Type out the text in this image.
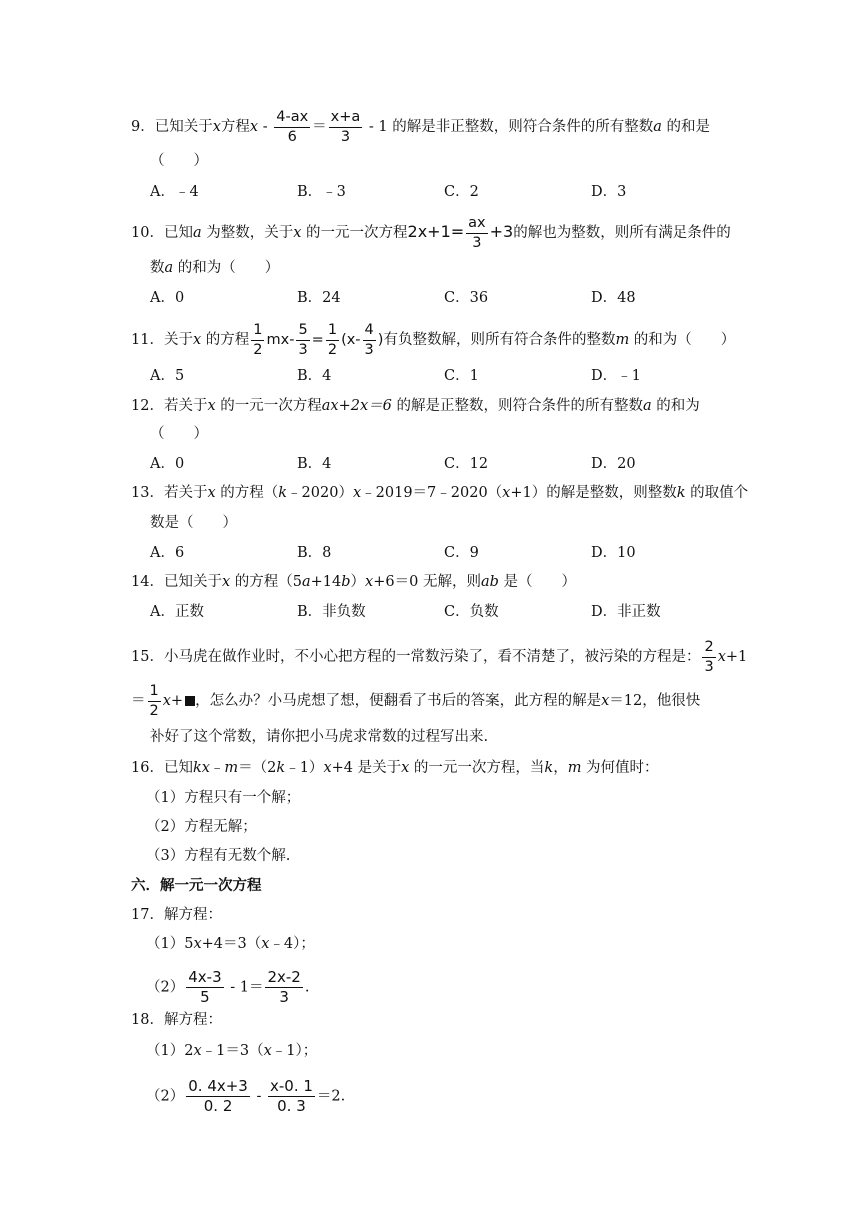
9．已知关于x方程$x - \frac{4-ax}{6} = \frac{x+a}{3} - 1$ 的解是非正整数，则符合条件的所有整数a 的和是
（　　）
A．﹣4	B．﹣3	C．2	D．3
10．已知a 为整数，关于x 的一元一次方程$2x+1= \frac{ax}{3} +3$的解也为整数，则所有满足条件的
数a 的和为（　　）
A．0	B．24	C．36	D．48
11．关于x 的方程 $\frac{1}{2} mx- \frac{5}{3} = \frac{1}{2} (x- \frac{4}{3}$ )有负整数解，则所有符合条件的整数m 的和为（　　）
A．5	B．4	C．1	D．﹣1
12．若关于x 的一元一次方程ax+2x＝6 的解是正整数，则符合条件的所有整数a 的和为
（　　）
A．0	B．4	C．12	D．20
13．若关于x 的方程（k﹣2020）x﹣2019＝7﹣2020（x+1）的解是整数，则整数k 的取值个
数是（　　）
A．6	B．8	C．9	D．10
14．已知关于x 的方程（5a+14b）x+6＝0 无解，则ab 是（　　）
A．正数	B．非负数	C．负数	D．非正数
15．小马虎在做作业时，不小心把方程的一常数污染了，看不清楚了，被污染的方程是： $\frac{2}{3} x+1$
＝ $\frac{1}{2} x+$ ，怎么办？小马虎想了想，便翻看了书后的答案，此方程的解是x＝12，他很快
补好了这个常数，请你把小马虎求常数的过程写出来.
16．已知kx﹣m＝（2k﹣1）x+4 是关于x 的一元一次方程，当k，m 为何值时：
（1）方程只有一个解；
（2）方程无解；
（3）方程有无数个解.
六．解一元一次方程
17．解方程：
（1）5x+4＝3（x﹣4）；
$(2) \frac{4x-3}{5} - 1= \frac{2x-2}{3}$ .
18．解方程：
（1）2x﹣1＝3（x﹣1）；
$(2) \frac{0. 4x+3}{0. 2} - \frac{x-0. 1}{0. 3} =2$.
